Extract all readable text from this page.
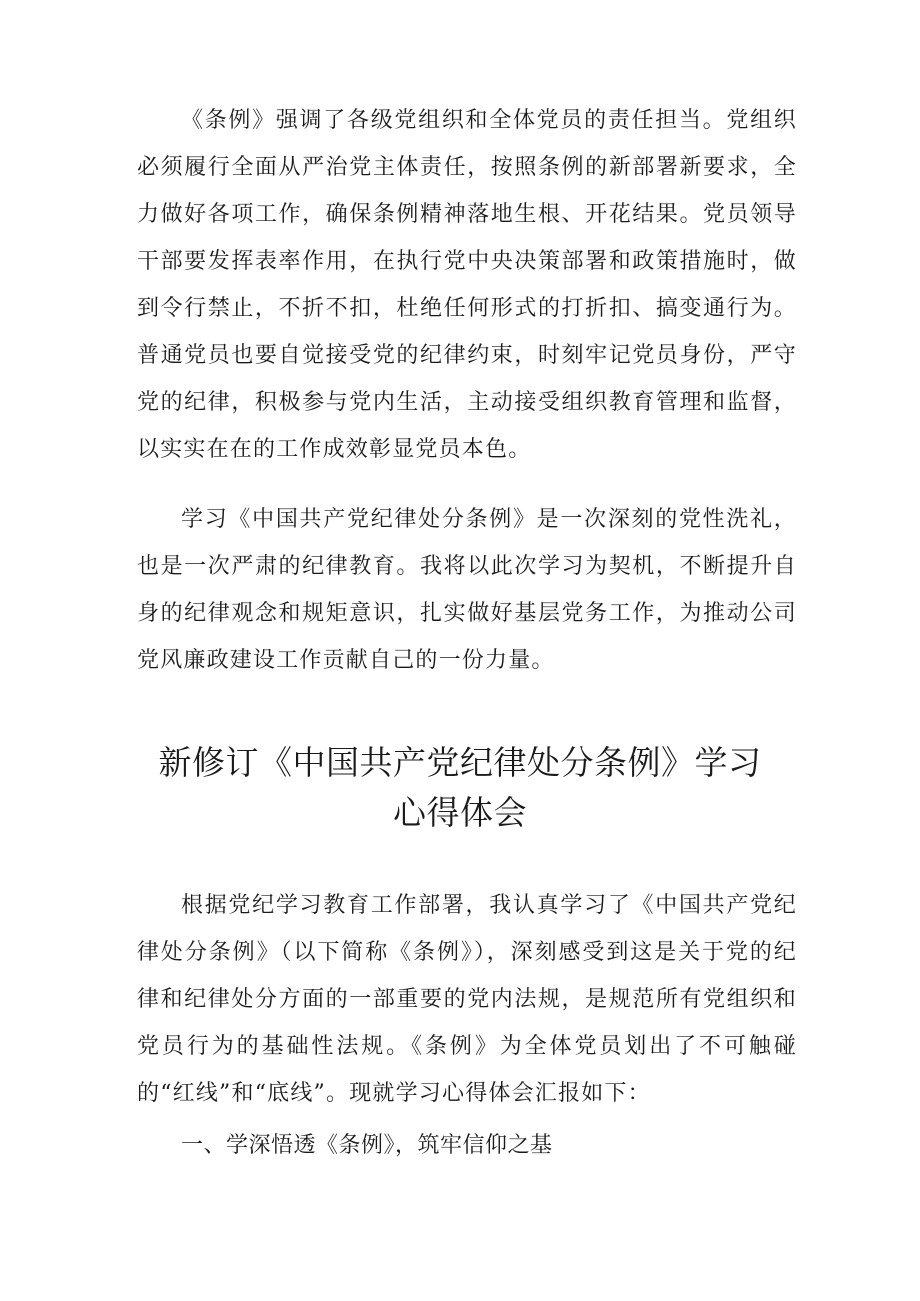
《条例》强调了各级党组织和全体党员的责任担当。党组织必须履行全面从严治党主体责任，按照条例的新部署新要求，全力做好各项工作，确保条例精神落地生根、开花结果。党员领导干部要发挥表率作用，在执行党中央决策部署和政策措施时，做到令行禁止，不折不扣，杜绝任何形式的打折扣、搞变通行为。普通党员也要自觉接受党的纪律约束，时刻牢记党员身份，严守党的纪律，积极参与党内生活，主动接受组织教育管理和监督，以实实在在的工作成效彰显党员本色。

学习《中国共产党纪律处分条例》是一次深刻的党性洗礼，也是一次严肃的纪律教育。我将以此次学习为契机，不断提升自身的纪律观念和规矩意识，扎实做好基层党务工作，为推动公司党风廉政建设工作贡献自己的一份力量。

新修订《中国共产党纪律处分条例》学习
心得体会

根据党纪学习教育工作部署，我认真学习了《中国共产党纪律处分条例》（以下简称《条例》），深刻感受到这是关于党的纪律和纪律处分方面的一部重要的党内法规，是规范所有党组织和党员行为的基础性法规。《条例》为全体党员划出了不可触碰的“红线”和“底线”。现就学习心得体会汇报如下：

一、学深悟透《条例》，筑牢信仰之基
